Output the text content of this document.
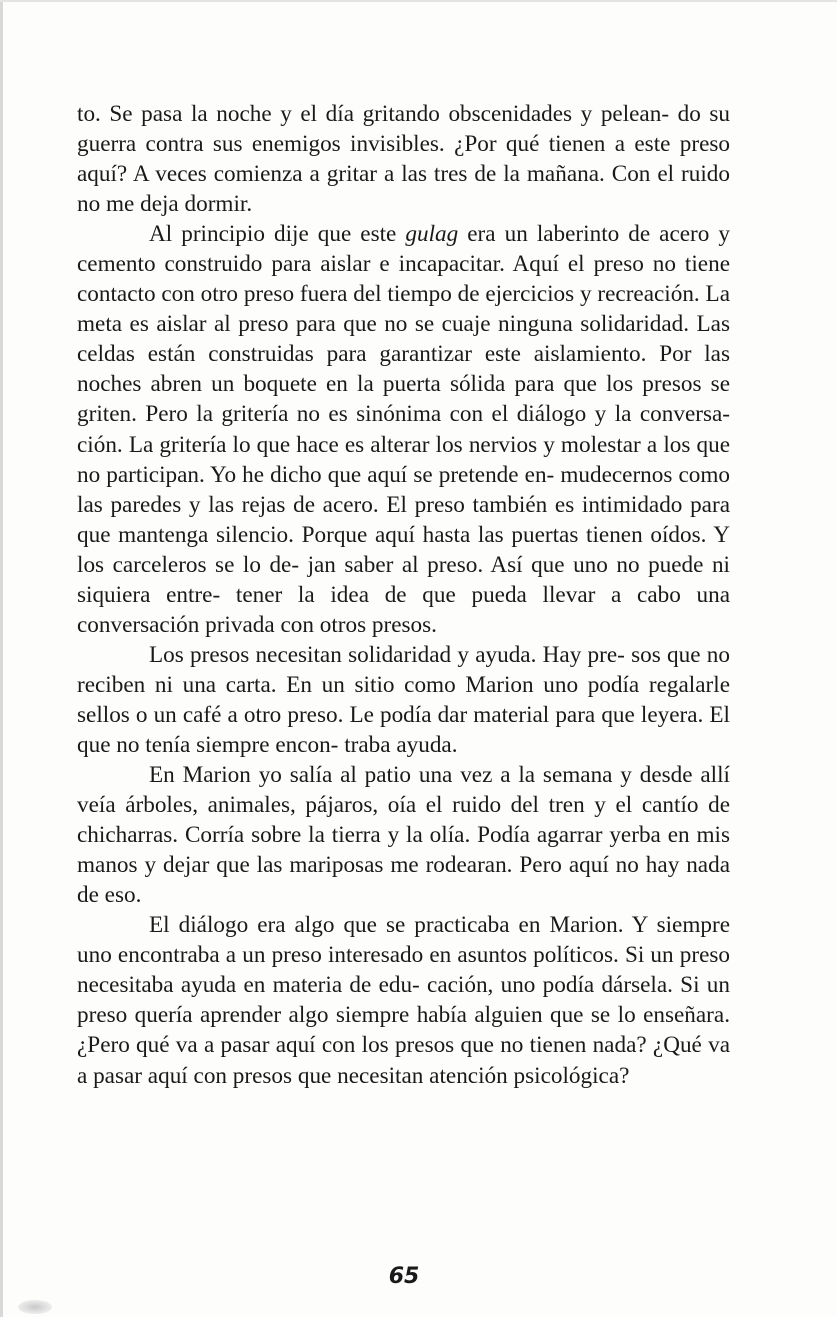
to. Se pasa la noche y el día gritando obscenidades y pelean- do su guerra contra sus enemigos invisibles. ¿Por qué tienen a este preso aquí? A veces comienza a gritar a las tres de la mañana. Con el ruido no me deja dormir.

Al principio dije que este gulag era un laberinto de acero y cemento construido para aislar e incapacitar. Aquí el preso no tiene contacto con otro preso fuera del tiempo de ejercicios y recreación. La meta es aislar al preso para que no se cuaje ninguna solidaridad. Las celdas están construidas para garantizar este aislamiento. Por las noches abren un boquete en la puerta sólida para que los presos se griten. Pero la gritería no es sinónima con el diálogo y la conversa- ción. La gritería lo que hace es alterar los nervios y molestar a los que no participan. Yo he dicho que aquí se pretende en- mudecernos como las paredes y las rejas de acero. El preso también es intimidado para que mantenga silencio. Porque aquí hasta las puertas tienen oídos. Y los carceleros se lo de- jan saber al preso. Así que uno no puede ni siquiera entre- tener la idea de que pueda llevar a cabo una conversación privada con otros presos.

Los presos necesitan solidaridad y ayuda. Hay pre- sos que no reciben ni una carta. En un sitio como Marion uno podía regalarle sellos o un café a otro preso. Le podía dar material para que leyera. El que no tenía siempre encon- traba ayuda.

En Marion yo salía al patio una vez a la semana y desde allí veía árboles, animales, pájaros, oía el ruido del tren y el cantío de chicharras. Corría sobre la tierra y la olía. Podía agarrar yerba en mis manos y dejar que las mariposas me rodearan. Pero aquí no hay nada de eso.

El diálogo era algo que se practicaba en Marion. Y siempre uno encontraba a un preso interesado en asuntos políticos. Si un preso necesitaba ayuda en materia de edu- cación, uno podía dársela. Si un preso quería aprender algo siempre había alguien que se lo enseñara. ¿Pero qué va a pasar aquí con los presos que no tienen nada? ¿Qué va a pasar aquí con presos que necesitan atención psicológica?

65
